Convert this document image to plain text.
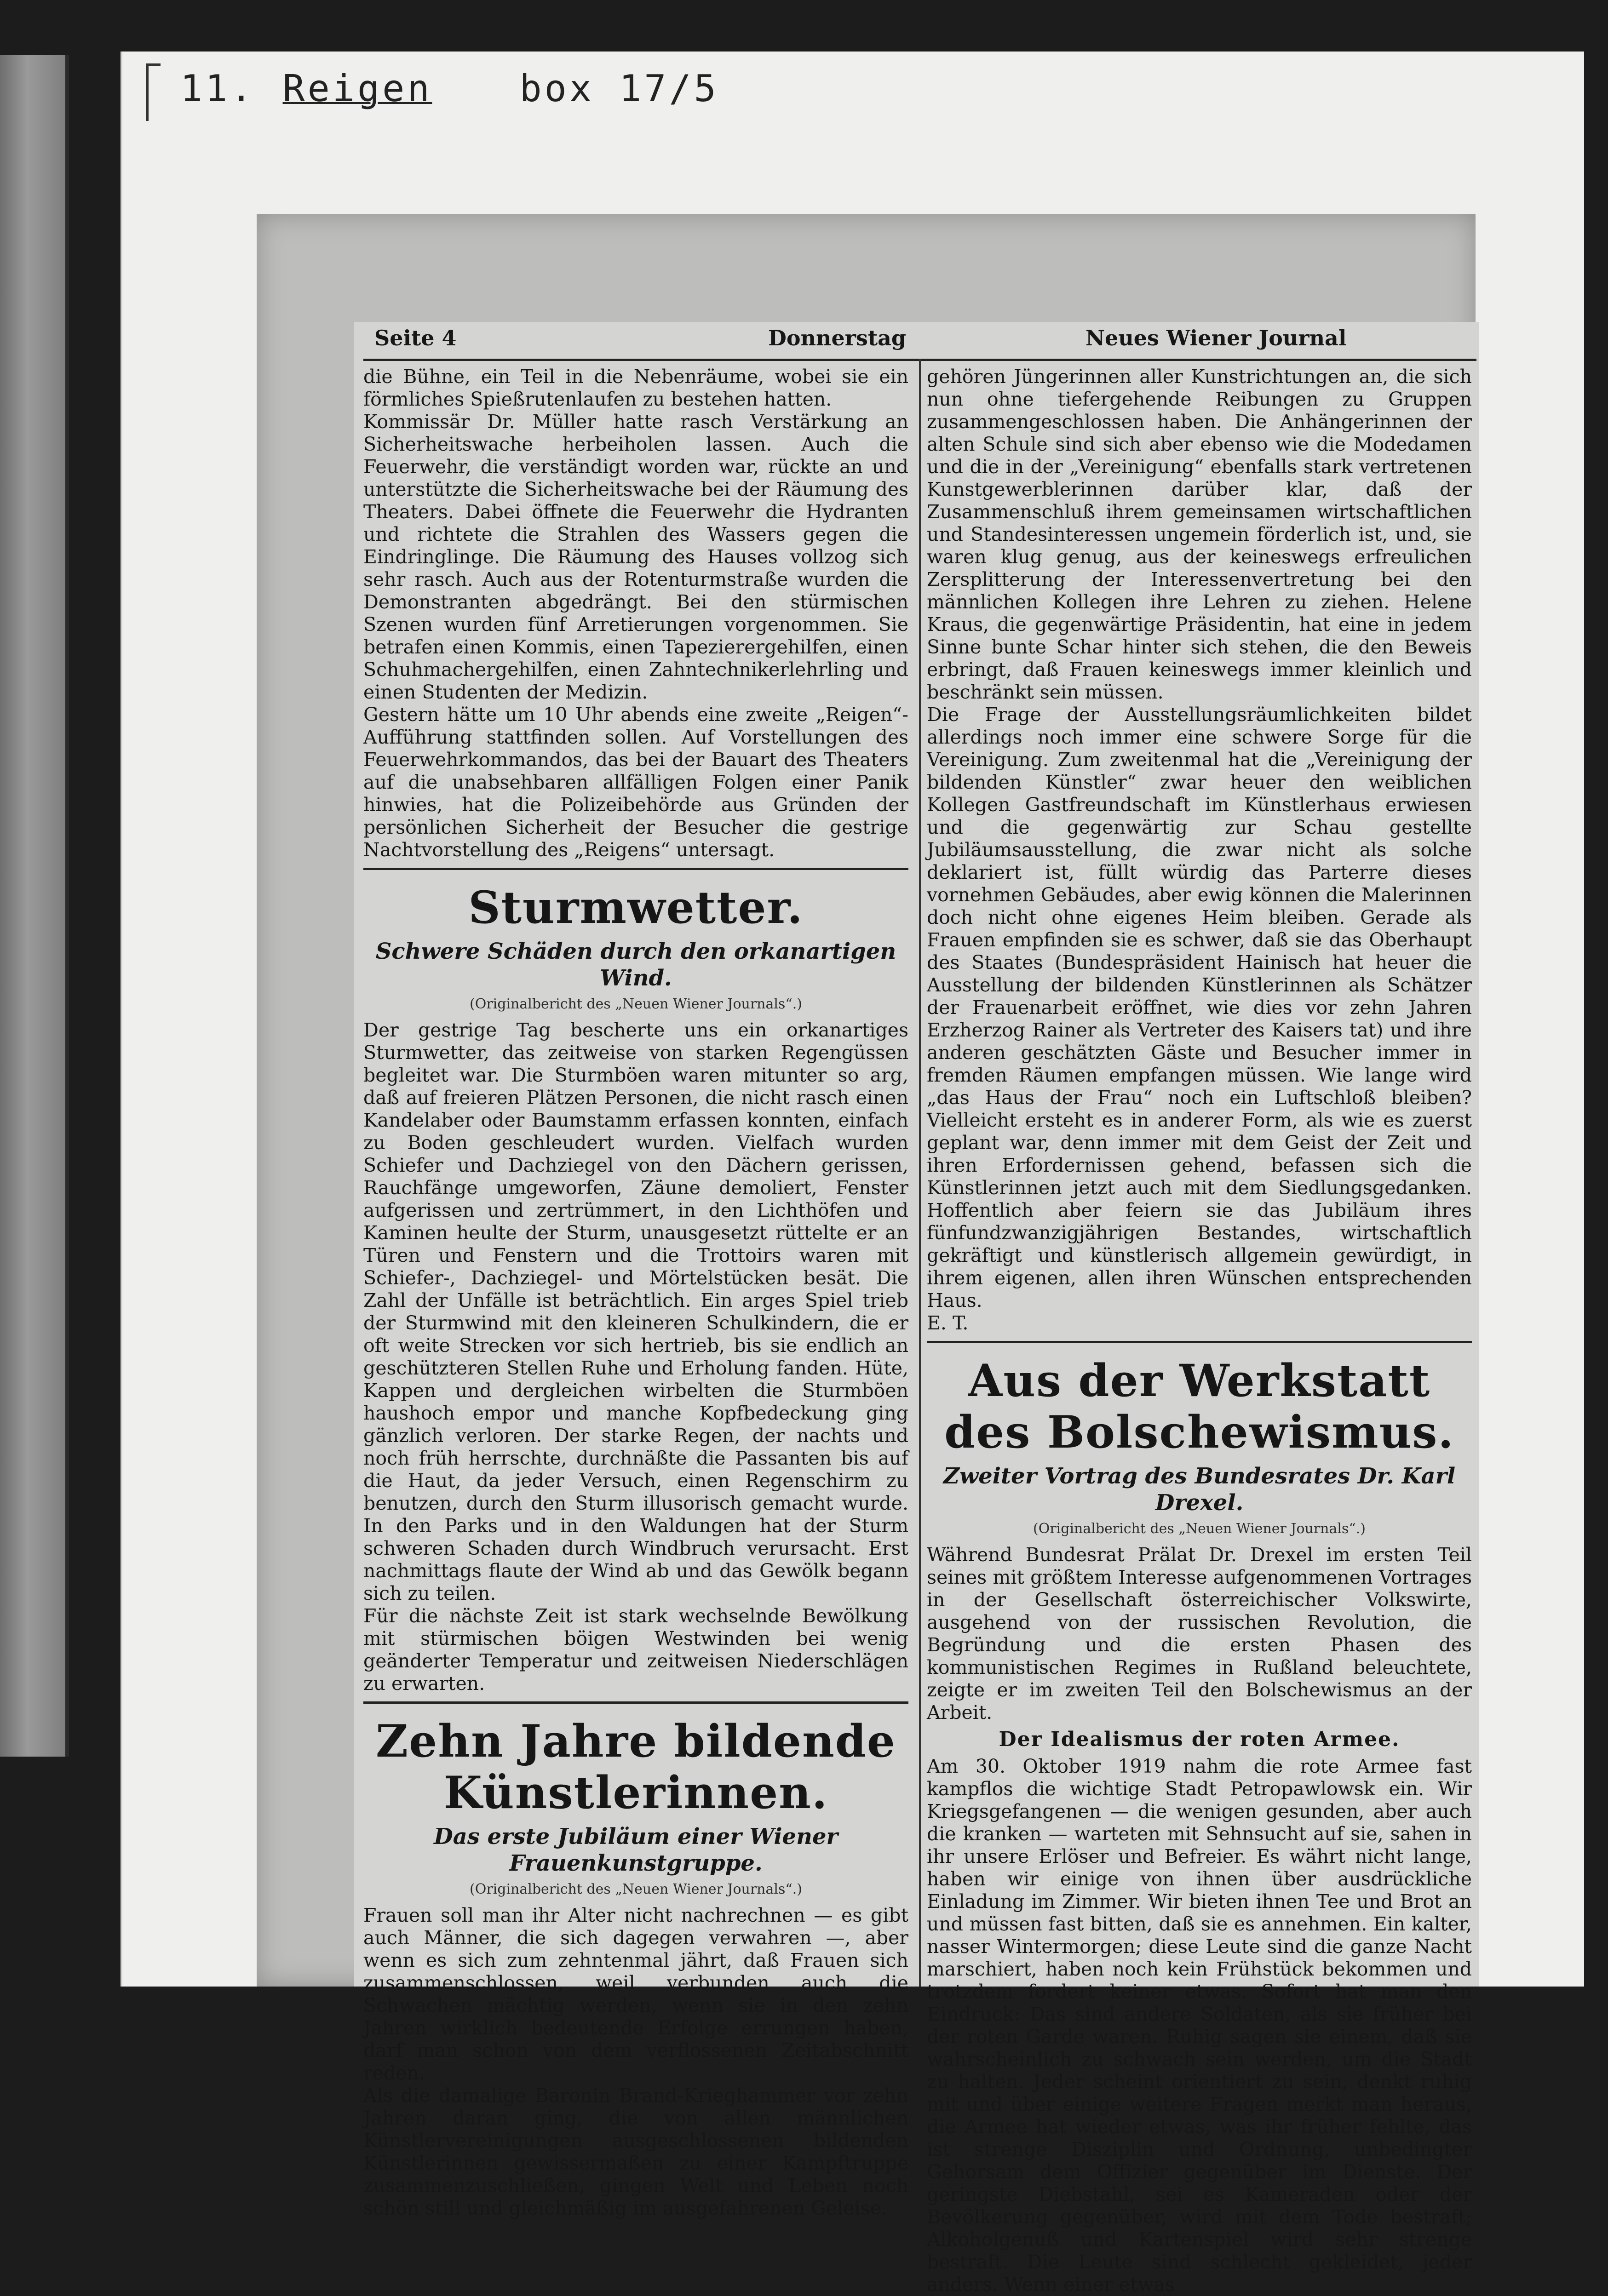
11. Reigen box 17/5
Seite 4	Donnerstag	Neues Wiener Journal

die Bühne, ein Teil in die Nebenräume, wobei sie ein förmliches Spießrutenlaufen zu bestehen hatten.

Kommissär Dr. Müller hatte rasch Verstärkung an Sicherheitswache herbeiholen lassen. Auch die Feuerwehr, die verständigt worden war, rückte an und unterstützte die Sicherheitswache bei der Räumung des Theaters. Dabei öffnete die Feuerwehr die Hydranten und richtete die Strahlen des Wassers gegen die Eindringlinge. Die Räumung des Hauses vollzog sich sehr rasch. Auch aus der Rotenturmstraße wurden die Demonstranten abgedrängt. Bei den stürmischen Szenen wurden fünf Arretierungen vorgenommen. Sie betrafen einen Kommis, einen Tapezierergehilfen, einen Schuhmachergehilfen, einen Zahntechnikerlehrling und einen Studenten der Medizin.

Gestern hätte um 10 Uhr abends eine zweite „Reigen“-Aufführung stattfinden sollen. Auf Vorstellungen des Feuerwehrkommandos, das bei der Bauart des Theaters auf die unabsehbaren allfälligen Folgen einer Panik hinwies, hat die Polizeibehörde aus Gründen der persönlichen Sicherheit der Besucher die gestrige Nachtvorstellung des „Reigens“ untersagt.

Sturmwetter.
Schwere Schäden durch den orkanartigen Wind.
(Originalbericht des „Neuen Wiener Journals“.)

Der gestrige Tag bescherte uns ein orkanartiges Sturmwetter, das zeitweise von starken Regengüssen begleitet war. Die Sturmböen waren mitunter so arg, daß auf freieren Plätzen Personen, die nicht rasch einen Kandelaber oder Baumstamm erfassen konnten, einfach zu Boden geschleudert wurden. Vielfach wurden Schiefer und Dachziegel von den Dächern gerissen, Rauchfänge umgeworfen, Zäune demoliert, Fenster aufgerissen und zertrümmert, in den Lichthöfen und Kaminen heulte der Sturm, unausgesetzt rüttelte er an Türen und Fenstern und die Trottoirs waren mit Schiefer-, Dachziegel- und Mörtelstücken besät. Die Zahl der Unfälle ist beträchtlich. Ein arges Spiel trieb der Sturmwind mit den kleineren Schulkindern, die er oft weite Strecken vor sich hertrieb, bis sie endlich an geschützteren Stellen Ruhe und Erholung fanden. Hüte, Kappen und dergleichen wirbelten die Sturmböen haushoch empor und manche Kopfbedeckung ging gänzlich verloren. Der starke Regen, der nachts und noch früh herrschte, durchnäßte die Passanten bis auf die Haut, da jeder Versuch, einen Regenschirm zu benutzen, durch den Sturm illusorisch gemacht wurde. In den Parks und in den Waldungen hat der Sturm schweren Schaden durch Windbruch verursacht. Erst nachmittags flaute der Wind ab und das Gewölk begann sich zu teilen.

Für die nächste Zeit ist stark wechselnde Bewölkung mit stürmischen böigen Westwinden bei wenig geänderter Temperatur und zeitweisen Niederschlägen zu erwarten.

Zehn Jahre bildende Künstlerinnen.
Das erste Jubiläum einer Wiener Frauenkunstgruppe.
(Originalbericht des „Neuen Wiener Journals“.)

Frauen soll man ihr Alter nicht nachrechnen — es gibt auch Männer, die sich dagegen verwahren —, aber wenn es sich zum zehntenmal jährt, daß Frauen sich zusammenschlossen, weil verbunden auch die Schwachen mächtig werden, wenn sie in den zehn Jahren wirklich bedeutende Erfolge errungen haben, darf man schon von dem verflossenen Zeitabschnitt reden.

Als die damalige Baronin Brand-Krieghammer vor zehn Jahren daran ging, die von allen männlichen Künstlervereinigungen ausgeschlossenen bildenden Künstlerinnen gewissermaßen zu einer Kampftruppe zusammenzuschließen, gingen Welt und Leben noch schön still und gleichmäßig im ausgefahrenen Geleise.

gehören Jüngerinnen aller Kunstrichtungen an, die sich nun ohne tiefergehende Reibungen zu Gruppen zusammengeschlossen haben. Die Anhängerinnen der alten Schule sind sich aber ebenso wie die Modedamen und die in der „Vereinigung“ ebenfalls stark vertretenen Kunstgewerblerinnen darüber klar, daß der Zusammenschluß ihrem gemeinsamen wirtschaftlichen und Standesinteressen ungemein förderlich ist, und, sie waren klug genug, aus der keineswegs erfreulichen Zersplitterung der Interessenvertretung bei den männlichen Kollegen ihre Lehren zu ziehen. Helene Kraus, die gegenwärtige Präsidentin, hat eine in jedem Sinne bunte Schar hinter sich stehen, die den Beweis erbringt, daß Frauen keineswegs immer kleinlich und beschränkt sein müssen.

Die Frage der Ausstellungsräumlichkeiten bildet allerdings noch immer eine schwere Sorge für die Vereinigung. Zum zweitenmal hat die „Vereinigung der bildenden Künstler“ zwar heuer den weiblichen Kollegen Gastfreundschaft im Künstlerhaus erwiesen und die gegenwärtig zur Schau gestellte Jubiläumsausstellung, die zwar nicht als solche deklariert ist, füllt würdig das Parterre dieses vornehmen Gebäudes, aber ewig können die Malerinnen doch nicht ohne eigenes Heim bleiben. Gerade als Frauen empfinden sie es schwer, daß sie das Oberhaupt des Staates (Bundespräsident Hainisch hat heuer die Ausstellung der bildenden Künstlerinnen als Schätzer der Frauenarbeit eröffnet, wie dies vor zehn Jahren Erzherzog Rainer als Vertreter des Kaisers tat) und ihre anderen geschätzten Gäste und Besucher immer in fremden Räumen empfangen müssen. Wie lange wird „das Haus der Frau“ noch ein Luftschloß bleiben? Vielleicht ersteht es in anderer Form, als wie es zuerst geplant war, denn immer mit dem Geist der Zeit und ihren Erfordernissen gehend, befassen sich die Künstlerinnen jetzt auch mit dem Siedlungsgedanken. Hoffentlich aber feiern sie das Jubiläum ihres fünfundzwanzigjährigen Bestandes, wirtschaftlich gekräftigt und künstlerisch allgemein gewürdigt, in ihrem eigenen, allen ihren Wünschen entsprechenden Haus.

E. T.

Aus der Werkstatt des Bolschewismus.
Zweiter Vortrag des Bundesrates Dr. Karl Drexel.
(Originalbericht des „Neuen Wiener Journals“.)

Während Bundesrat Prälat Dr. Drexel im ersten Teil seines mit größtem Interesse aufgenommenen Vortrages in der Gesellschaft österreichischer Volkswirte, ausgehend von der russischen Revolution, die Begründung und die ersten Phasen des kommunistischen Regimes in Rußland beleuchtete, zeigte er im zweiten Teil den Bolschewismus an der Arbeit.

Der Idealismus der roten Armee.

Am 30. Oktober 1919 nahm die rote Armee fast kampflos die wichtige Stadt Petropawlowsk ein. Wir Kriegsgefangenen — die wenigen gesunden, aber auch die kranken — warteten mit Sehnsucht auf sie, sahen in ihr unsere Erlöser und Befreier. Es währt nicht lange, haben wir einige von ihnen über ausdrückliche Einladung im Zimmer. Wir bieten ihnen Tee und Brot an und müssen fast bitten, daß sie es annehmen. Ein kalter, nasser Wintermorgen; diese Leute sind die ganze Nacht marschiert, haben noch kein Frühstück bekommen und trotzdem fordert keiner etwas. Sofort hat man den Eindruck: Das sind andere Soldaten, als sie früher bei der roten Garde waren. Ruhig sagen sie einem, daß sie wahrscheinlich zu schwach sein werden, um die Stadt zu halten. Jeder scheint orientiert zu sein, denkt ruhig mit und über einige weitere Fragen merkt man heraus, die Armee hat wieder etwas, was ihr früher fehlte, das ist strenge Disziplin und Ordnung, unbedingter Gehorsam dem Offizier gegenüber im Dienste. Der geringste Diebstahl, sei es Kameraden oder der Bevölkerung gegenüber, wird mit dem Tode bestraft; Alkoholgenuß und Kartenspiel wird sehr strenge bestraft. Die Leute sind schlecht gekleidet, jeder anders. Wenn einer etwas
